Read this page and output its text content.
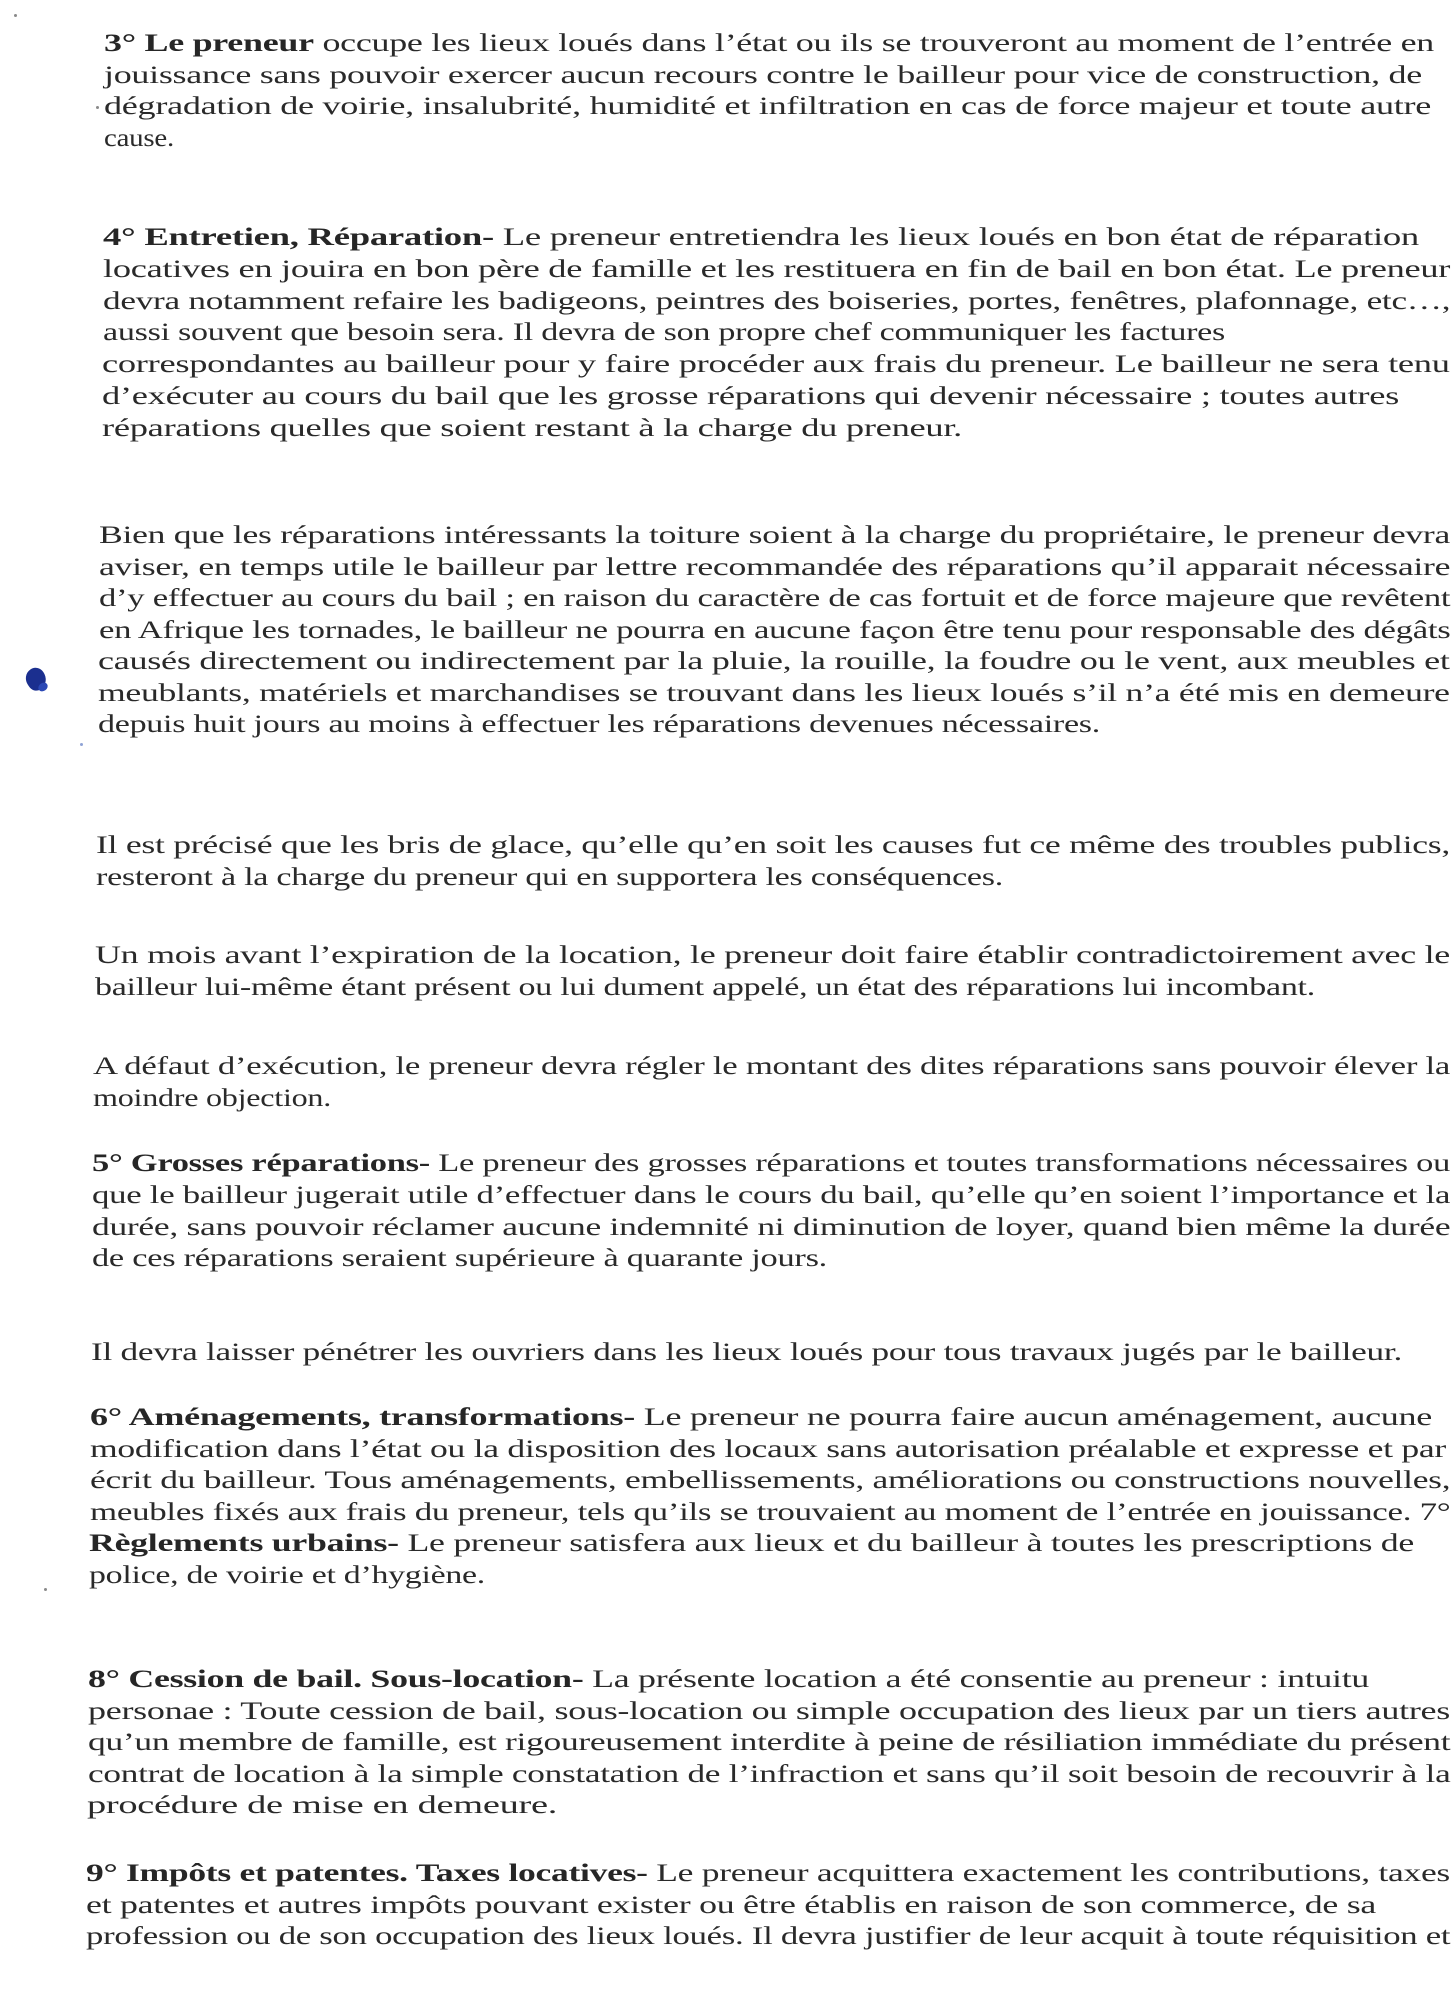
3° Le preneur occupe les lieux loués dans l’état ou ils se trouveront au moment de l’entrée en
jouissance sans pouvoir exercer aucun recours contre le bailleur pour vice de construction, de
dégradation de voirie, insalubrité, humidité et infiltration en cas de force majeur et toute autre
cause.
4° Entretien, Réparation- Le preneur entretiendra les lieux loués en bon état de réparation
locatives en jouira en bon père de famille et les restituera en fin de bail en bon état. Le preneur
devra notamment refaire les badigeons, peintres des boiseries, portes, fenêtres, plafonnage, etc…,
aussi souvent que besoin sera. Il devra de son propre chef communiquer les factures
correspondantes au bailleur pour y faire procéder aux frais du preneur. Le bailleur ne sera tenu
d’exécuter au cours du bail que les grosse réparations qui devenir nécessaire ; toutes autres
réparations quelles que soient restant à la charge du preneur.
Bien que les réparations intéressants la toiture soient à la charge du propriétaire, le preneur devra
aviser, en temps utile le bailleur par lettre recommandée des réparations qu’il apparait nécessaire
d’y effectuer au cours du bail ; en raison du caractère de cas fortuit et de force majeure que revêtent
en Afrique les tornades, le bailleur ne pourra en aucune façon être tenu pour responsable des dégâts
causés directement ou indirectement par la pluie, la rouille, la foudre ou le vent, aux meubles et
meublants, matériels et marchandises se trouvant dans les lieux loués s’il n’a été mis en demeure
depuis huit jours au moins à effectuer les réparations devenues nécessaires.
Il est précisé que les bris de glace, qu’elle qu’en soit les causes fut ce même des troubles publics,
resteront à la charge du preneur qui en supportera les conséquences.
Un mois avant l’expiration de la location, le preneur doit faire établir contradictoirement avec le
bailleur lui-même étant présent ou lui dument appelé, un état des réparations lui incombant.
A défaut d’exécution, le preneur devra régler le montant des dites réparations sans pouvoir élever la
moindre objection.
5° Grosses réparations- Le preneur des grosses réparations et toutes transformations nécessaires ou
que le bailleur jugerait utile d’effectuer dans le cours du bail, qu’elle qu’en soient l’importance et la
durée, sans pouvoir réclamer aucune indemnité ni diminution de loyer, quand bien même la durée
de ces réparations seraient supérieure à quarante jours.
Il devra laisser pénétrer les ouvriers dans les lieux loués pour tous travaux jugés par le bailleur.
6° Aménagements, transformations- Le preneur ne pourra faire aucun aménagement, aucune
modification dans l’état ou la disposition des locaux sans autorisation préalable et expresse et par
écrit du bailleur. Tous aménagements, embellissements, améliorations ou constructions nouvelles,
meubles fixés aux frais du preneur, tels qu’ils se trouvaient au moment de l’entrée en jouissance. 7°
Règlements urbains- Le preneur satisfera aux lieux et du bailleur à toutes les prescriptions de
police, de voirie et d’hygiène.
8° Cession de bail. Sous-location- La présente location a été consentie au preneur : intuitu
personae : Toute cession de bail, sous-location ou simple occupation des lieux par un tiers autres
qu’un membre de famille, est rigoureusement interdite à peine de résiliation immédiate du présent
contrat de location à la simple constatation de l’infraction et sans qu’il soit besoin de recouvrir à la
procédure de mise en demeure.
9° Impôts et patentes. Taxes locatives- Le preneur acquittera exactement les contributions, taxes
et patentes et autres impôts pouvant exister ou être établis en raison de son commerce, de sa
profession ou de son occupation des lieux loués. Il devra justifier de leur acquit à toute réquisition et
